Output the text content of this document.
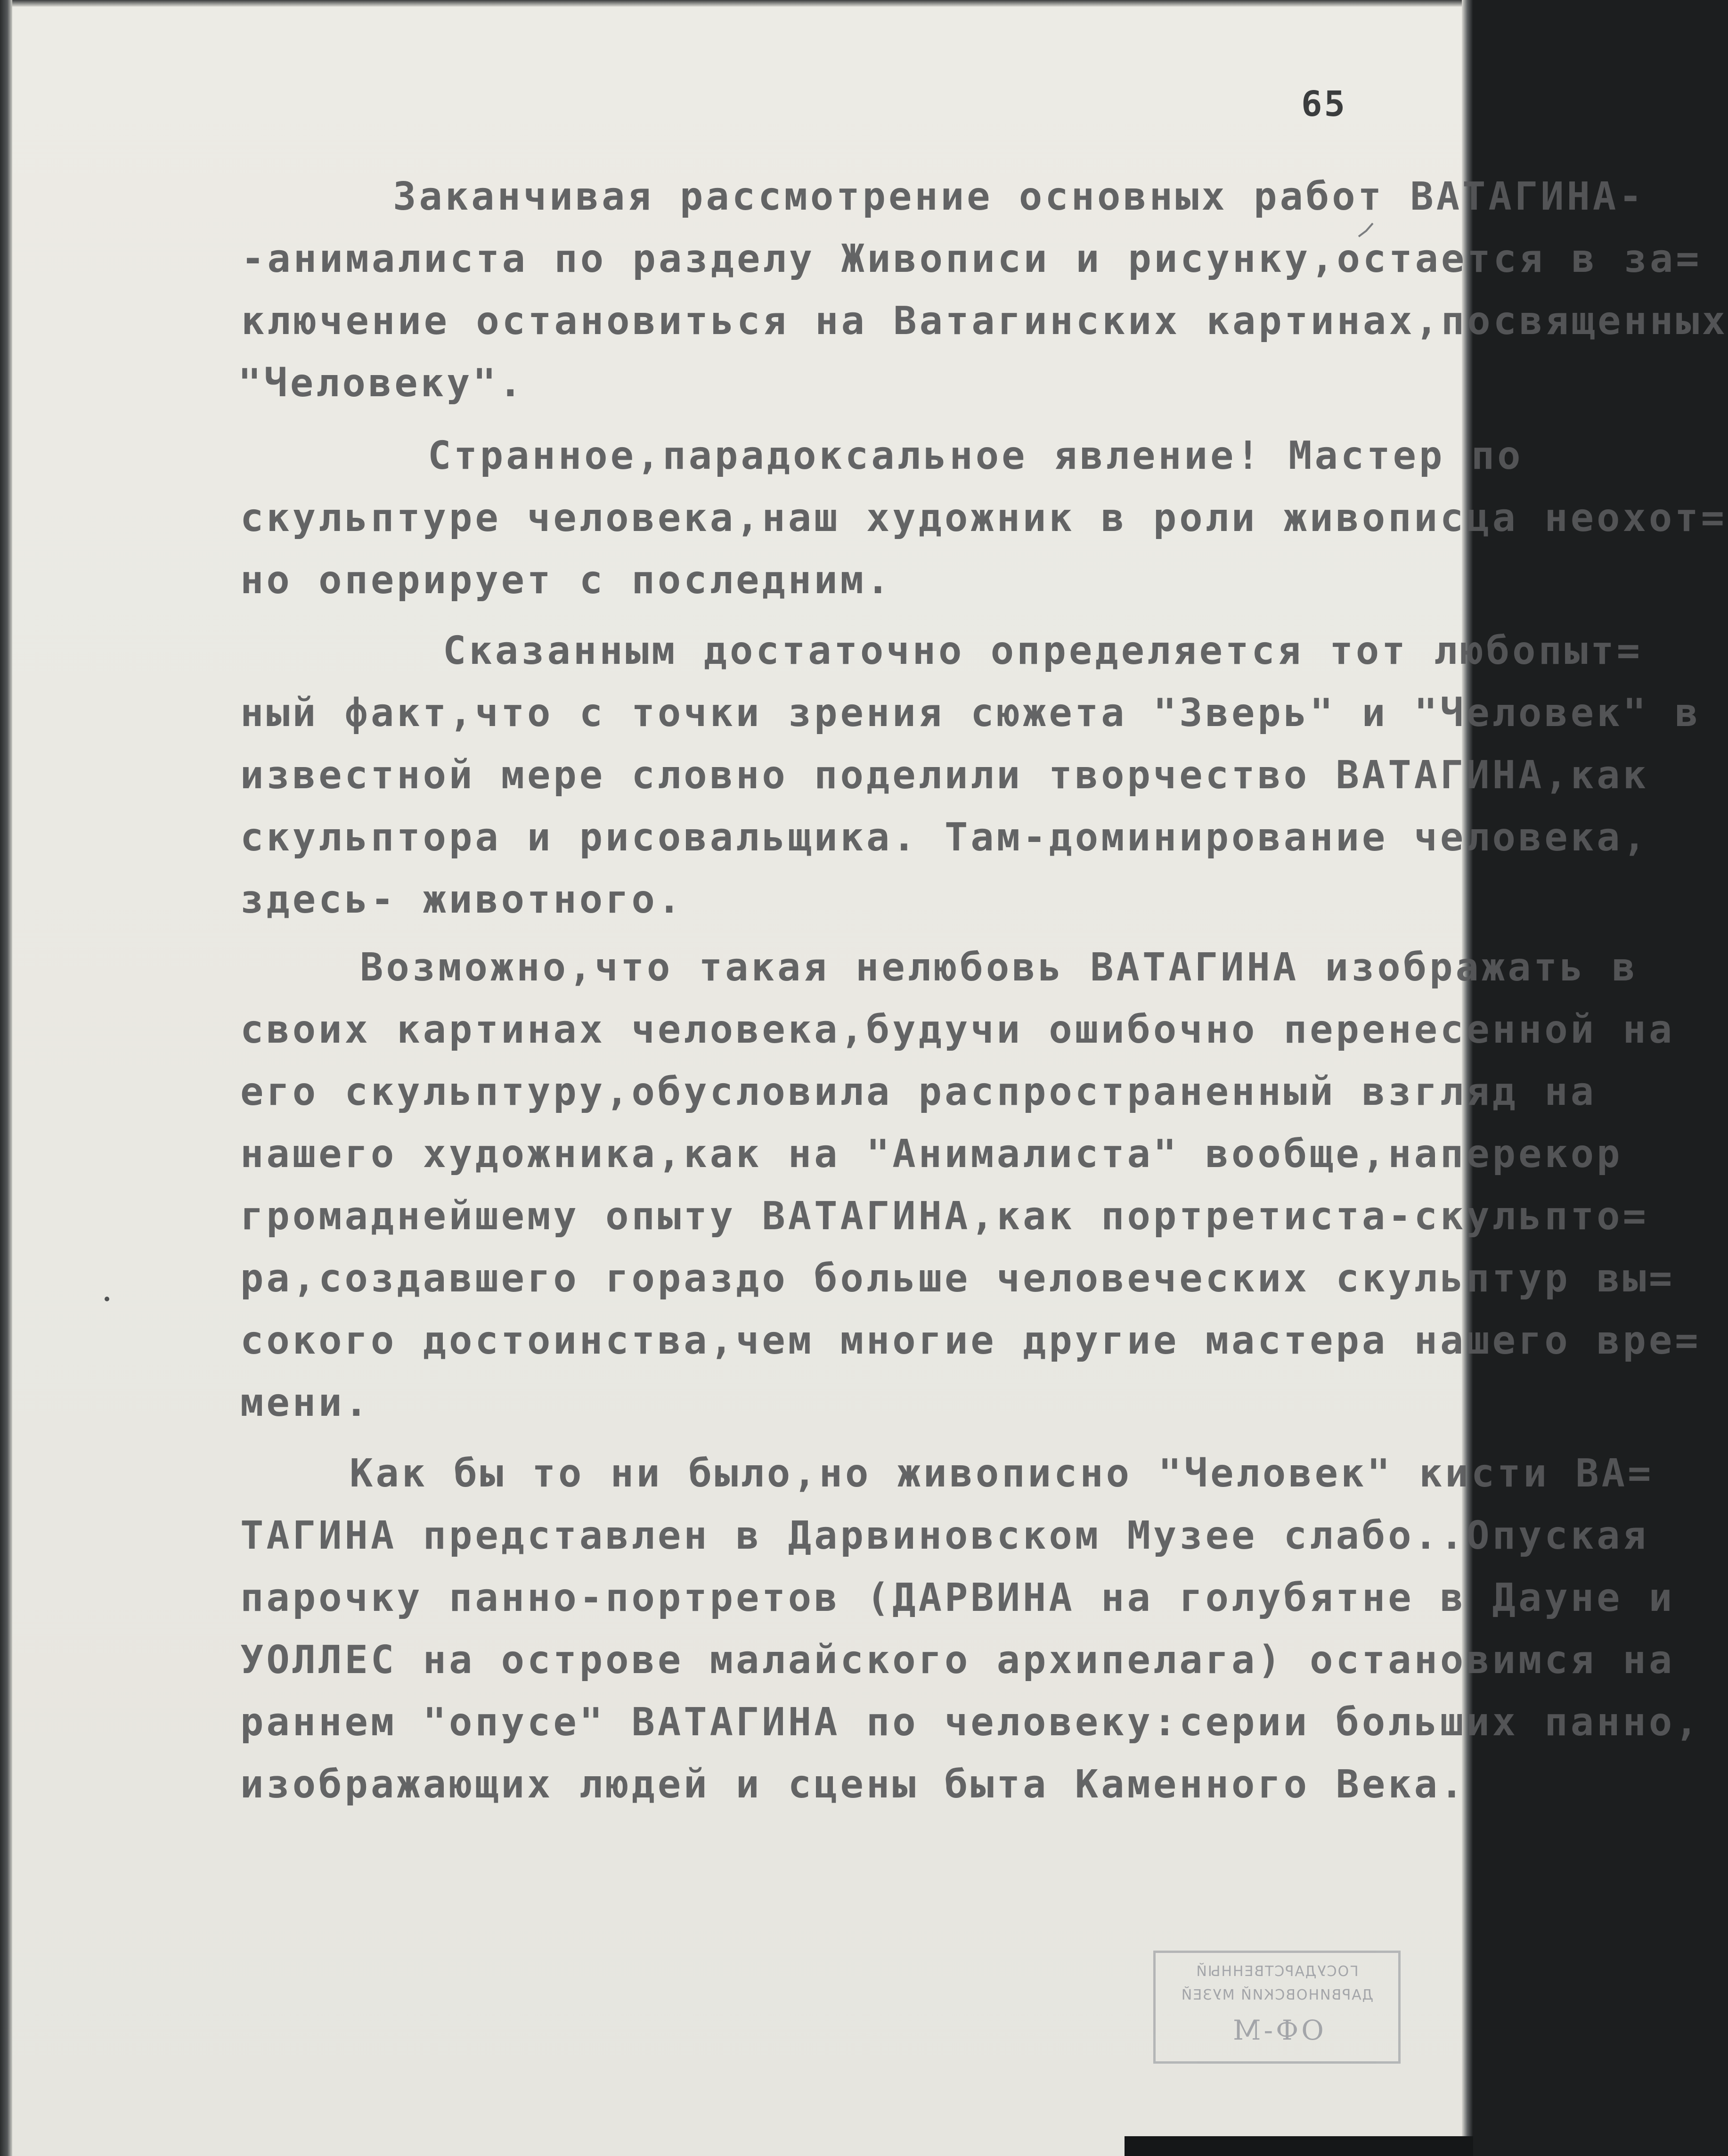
65
Заканчивая рассмотрение основных работ ВАТАГИНА-
-анималиста по разделу Живописи и рисунку,остается в за=
ключение остановиться на Ватагинских картинах,посвященных
"Человеку".
Странное,парадоксальное явление! Мастер по
скульптуре человека,наш художник в роли живописца неохот=
но оперирует с последним.
Сказанным достаточно определяется тот любопыт=
ный факт,что с точки зрения сюжета "Зверь" и "Человек" в
известной мере словно поделили творчество ВАТАГИНА,как
скульптора и рисовальщика. Там-доминирование человека,
здесь- животного.
Возможно,что такая нелюбовь ВАТАГИНА изображать в
своих картинах человека,будучи ошибочно перенесенной на
его скульптуру,обусловила распространенный взгляд на
нашего художника,как на "Анималиста" вообще,наперекор
громаднейшему опыту ВАТАГИНА,как портретиста-скульпто=
ра,создавшего гораздо больше человеческих скульптур вы=
сокого достоинства,чем многие другие мастера нашего вре=
мени.
Как бы то ни было,но живописно "Человек" кисти ВА=
ТАГИНА представлен в Дарвиновском Музее слабо..Опуская
парочку панно-портретов (ДАРВИНА на голубятне в Дауне и
УОЛЛЕС на острове малайского архипелага) остановимся на
раннем "опусе" ВАТАГИНА по человеку:серии больших панно,
изображающих людей и сцены быта Каменного Века.
ГОСУДАРСТВЕННЫЙ
ДАРВИНОВСКИЙ МУЗЕЙ
ОФ-М
